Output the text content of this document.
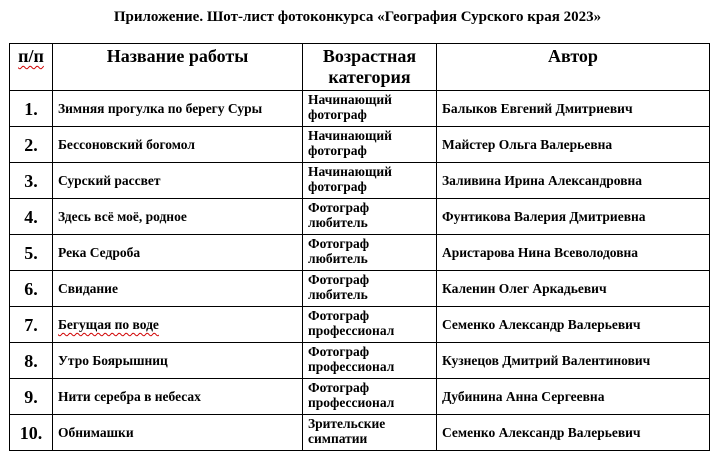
Приложение. Шот-лист фотоконкурса «География Сурского края 2023»
п/п	Название работы	Возрастная категория	Автор
1.	Зимняя прогулка по берегу Суры	Начинающий фотограф	Балыков Евгений Дмитриевич
2.	Бессоновский богомол	Начинающий фотограф	Майстер Ольга Валерьевна
3.	Сурский рассвет	Начинающий фотограф	Заливина Ирина Александровна
4.	Здесь всё моё, родное	Фотограф любитель	Фунтикова Валерия Дмитриевна
5.	Река Седроба	Фотограф любитель	Аристарова Нина Всеволодовна
6.	Свидание	Фотограф любитель	Каленин Олег Аркадьевич
7.	Бегущая по воде	Фотограф профессионал	Семенко Александр Валерьевич
8.	Утро Боярышниц	Фотограф профессионал	Кузнецов Дмитрий Валентинович
9.	Нити серебра в небесах	Фотограф профессионал	Дубинина Анна Сергеевна
10.	Обнимашки	Зрительские симпатии	Семенко Александр Валерьевич
